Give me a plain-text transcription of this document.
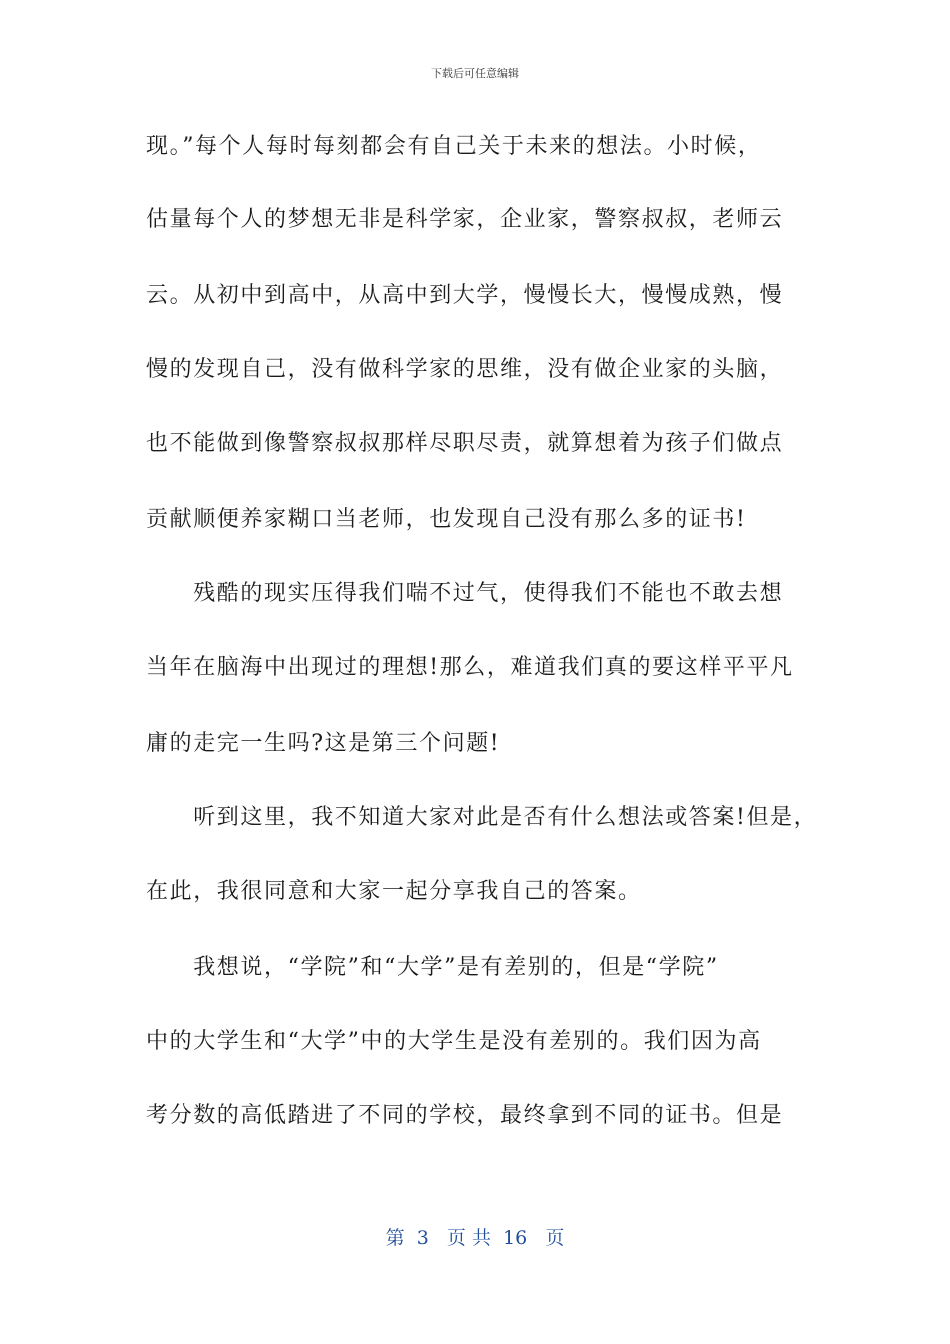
下载后可任意编辑
现。”每个人每时每刻都会有自己关于未来的想法。小时候，
估量每个人的梦想无非是科学家，企业家，警察叔叔，老师云
云。从初中到高中，从高中到大学，慢慢长大，慢慢成熟，慢
慢的发现自己，没有做科学家的思维，没有做企业家的头脑，
也不能做到像警察叔叔那样尽职尽责，就算想着为孩子们做点
贡献顺便养家糊口当老师，也发现自己没有那么多的证书!
　　残酷的现实压得我们喘不过气，使得我们不能也不敢去想
当年在脑海中出现过的理想!那么，难道我们真的要这样平平凡
庸的走完一生吗?这是第三个问题!
　　听到这里，我不知道大家对此是否有什么想法或答案!但是，
在此，我很同意和大家一起分享我自己的答案。
　　我想说，“学院”和“大学”是有差别的，但是“学院”
中的大学生和“大学”中的大学生是没有差别的。我们因为高
考分数的高低踏进了不同的学校，最终拿到不同的证书。但是
第  3   页 共  16   页
